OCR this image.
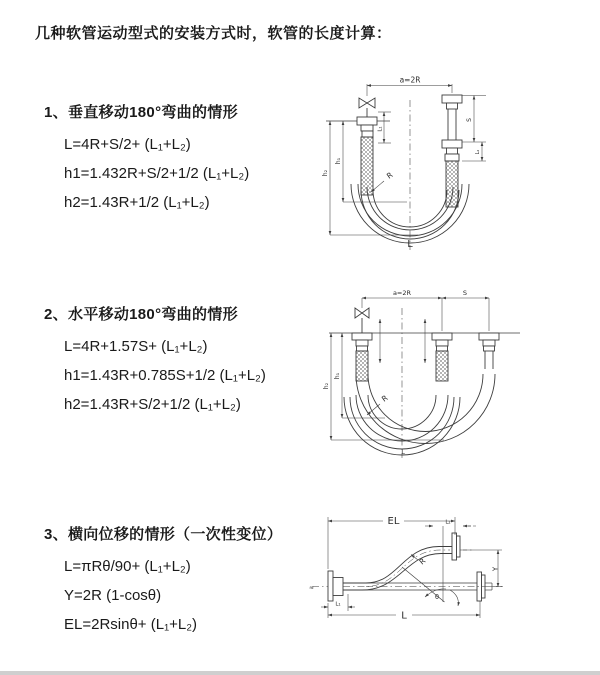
几种软管运动型式的安装方式时，软管的长度计算：
1、垂直移动180°弯曲的情形
L=4R+S/2+ (L₁+L₂)
h1=1.432R+S/2+1/2 (L₁+L₂)
h2=1.43R+1/2 (L₁+L₂)
2、水平移动180°弯曲的情形
L=4R+1.57S+ (L₁+L₂)
h1=1.43R+0.785S+1/2 (L₁+L₂)
h2=1.43R+S/2+1/2 (L₁+L₂)
3、横向位移的情形（一次性变位）
L=πRθ/90+ (L₁+L₂)
Y=2R (1-cosθ)
EL=2Rsinθ+ (L₁+L₂)
a=2R
L₁
S
L₂
h₁
h₂	R
L
a=2R	S
h₁
h₂
R
L
EL	L₂
Y
R
θ
L
L₁
≈
